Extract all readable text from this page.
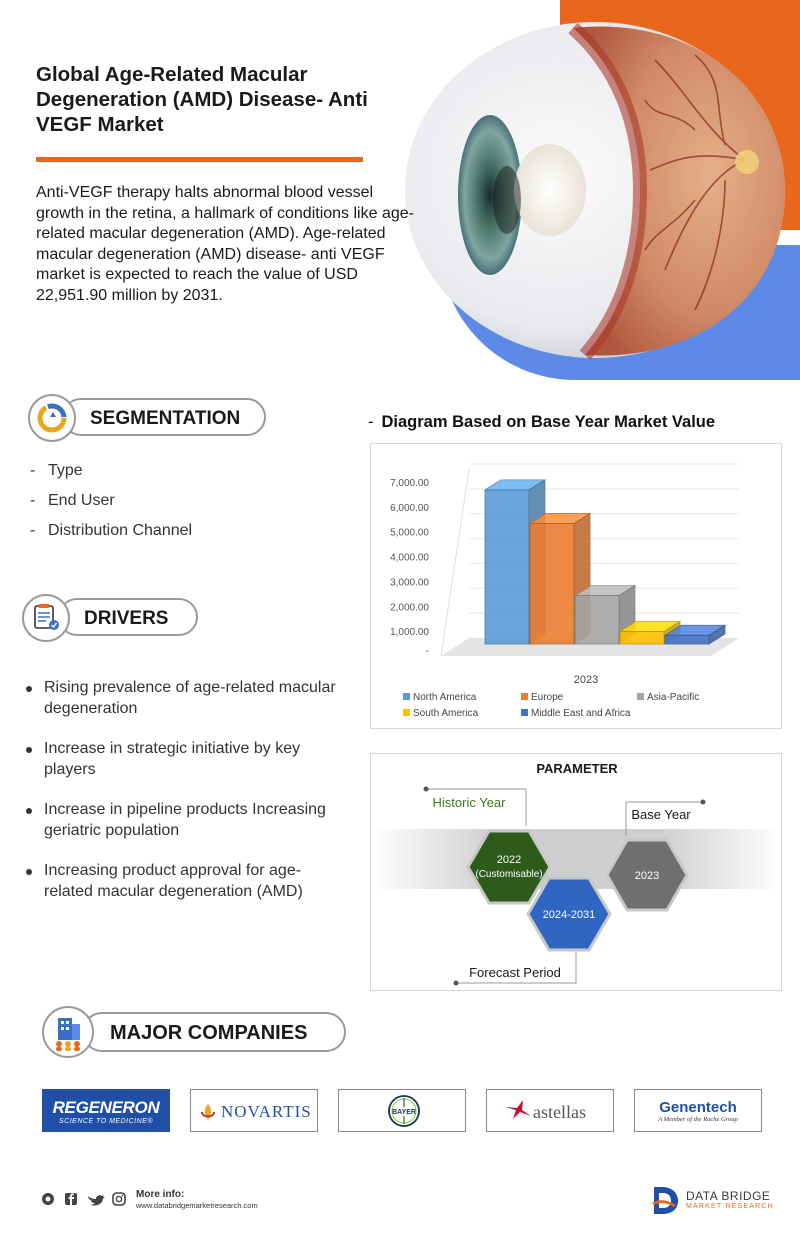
Global Age-Related Macular Degeneration (AMD) Disease- Anti VEGF Market
Anti-VEGF therapy halts abnormal blood vessel growth in the retina, a hallmark of conditions like age-related macular degeneration (AMD). Age-related macular degeneration (AMD) disease- anti VEGF market is expected to reach the value of USD 22,951.90 million by 2031.
SEGMENTATION
- Type
- End User
- Distribution Channel
DRIVERS
Rising prevalence of age-related macular degeneration
Increase in strategic initiative by key players
Increase in pipeline products Increasing geriatric population
Increasing product approval for age-related macular degeneration (AMD)
- Diagram Based on Base Year Market Value
7,000.00
6,000.00
5,000.00
4,000.00
3,000.00
2,000.00
1,000.00
-
2023
North America	Europe	Asia-Pacific
South America	Middle East and Africa
PARAMETER
Historic Year
Base Year
Forecast Period
2022
(Customisable)
2024-2031
2023
MAJOR COMPANIES
REGENERON
SCIENCE TO MEDICINE®
NOVARTIS	BAYER	astellas	Genentech
A Member of the Roche Group
More info:
www.databridgemarketresearch.com
DATA BRIDGE
MARKET RESEARCH
